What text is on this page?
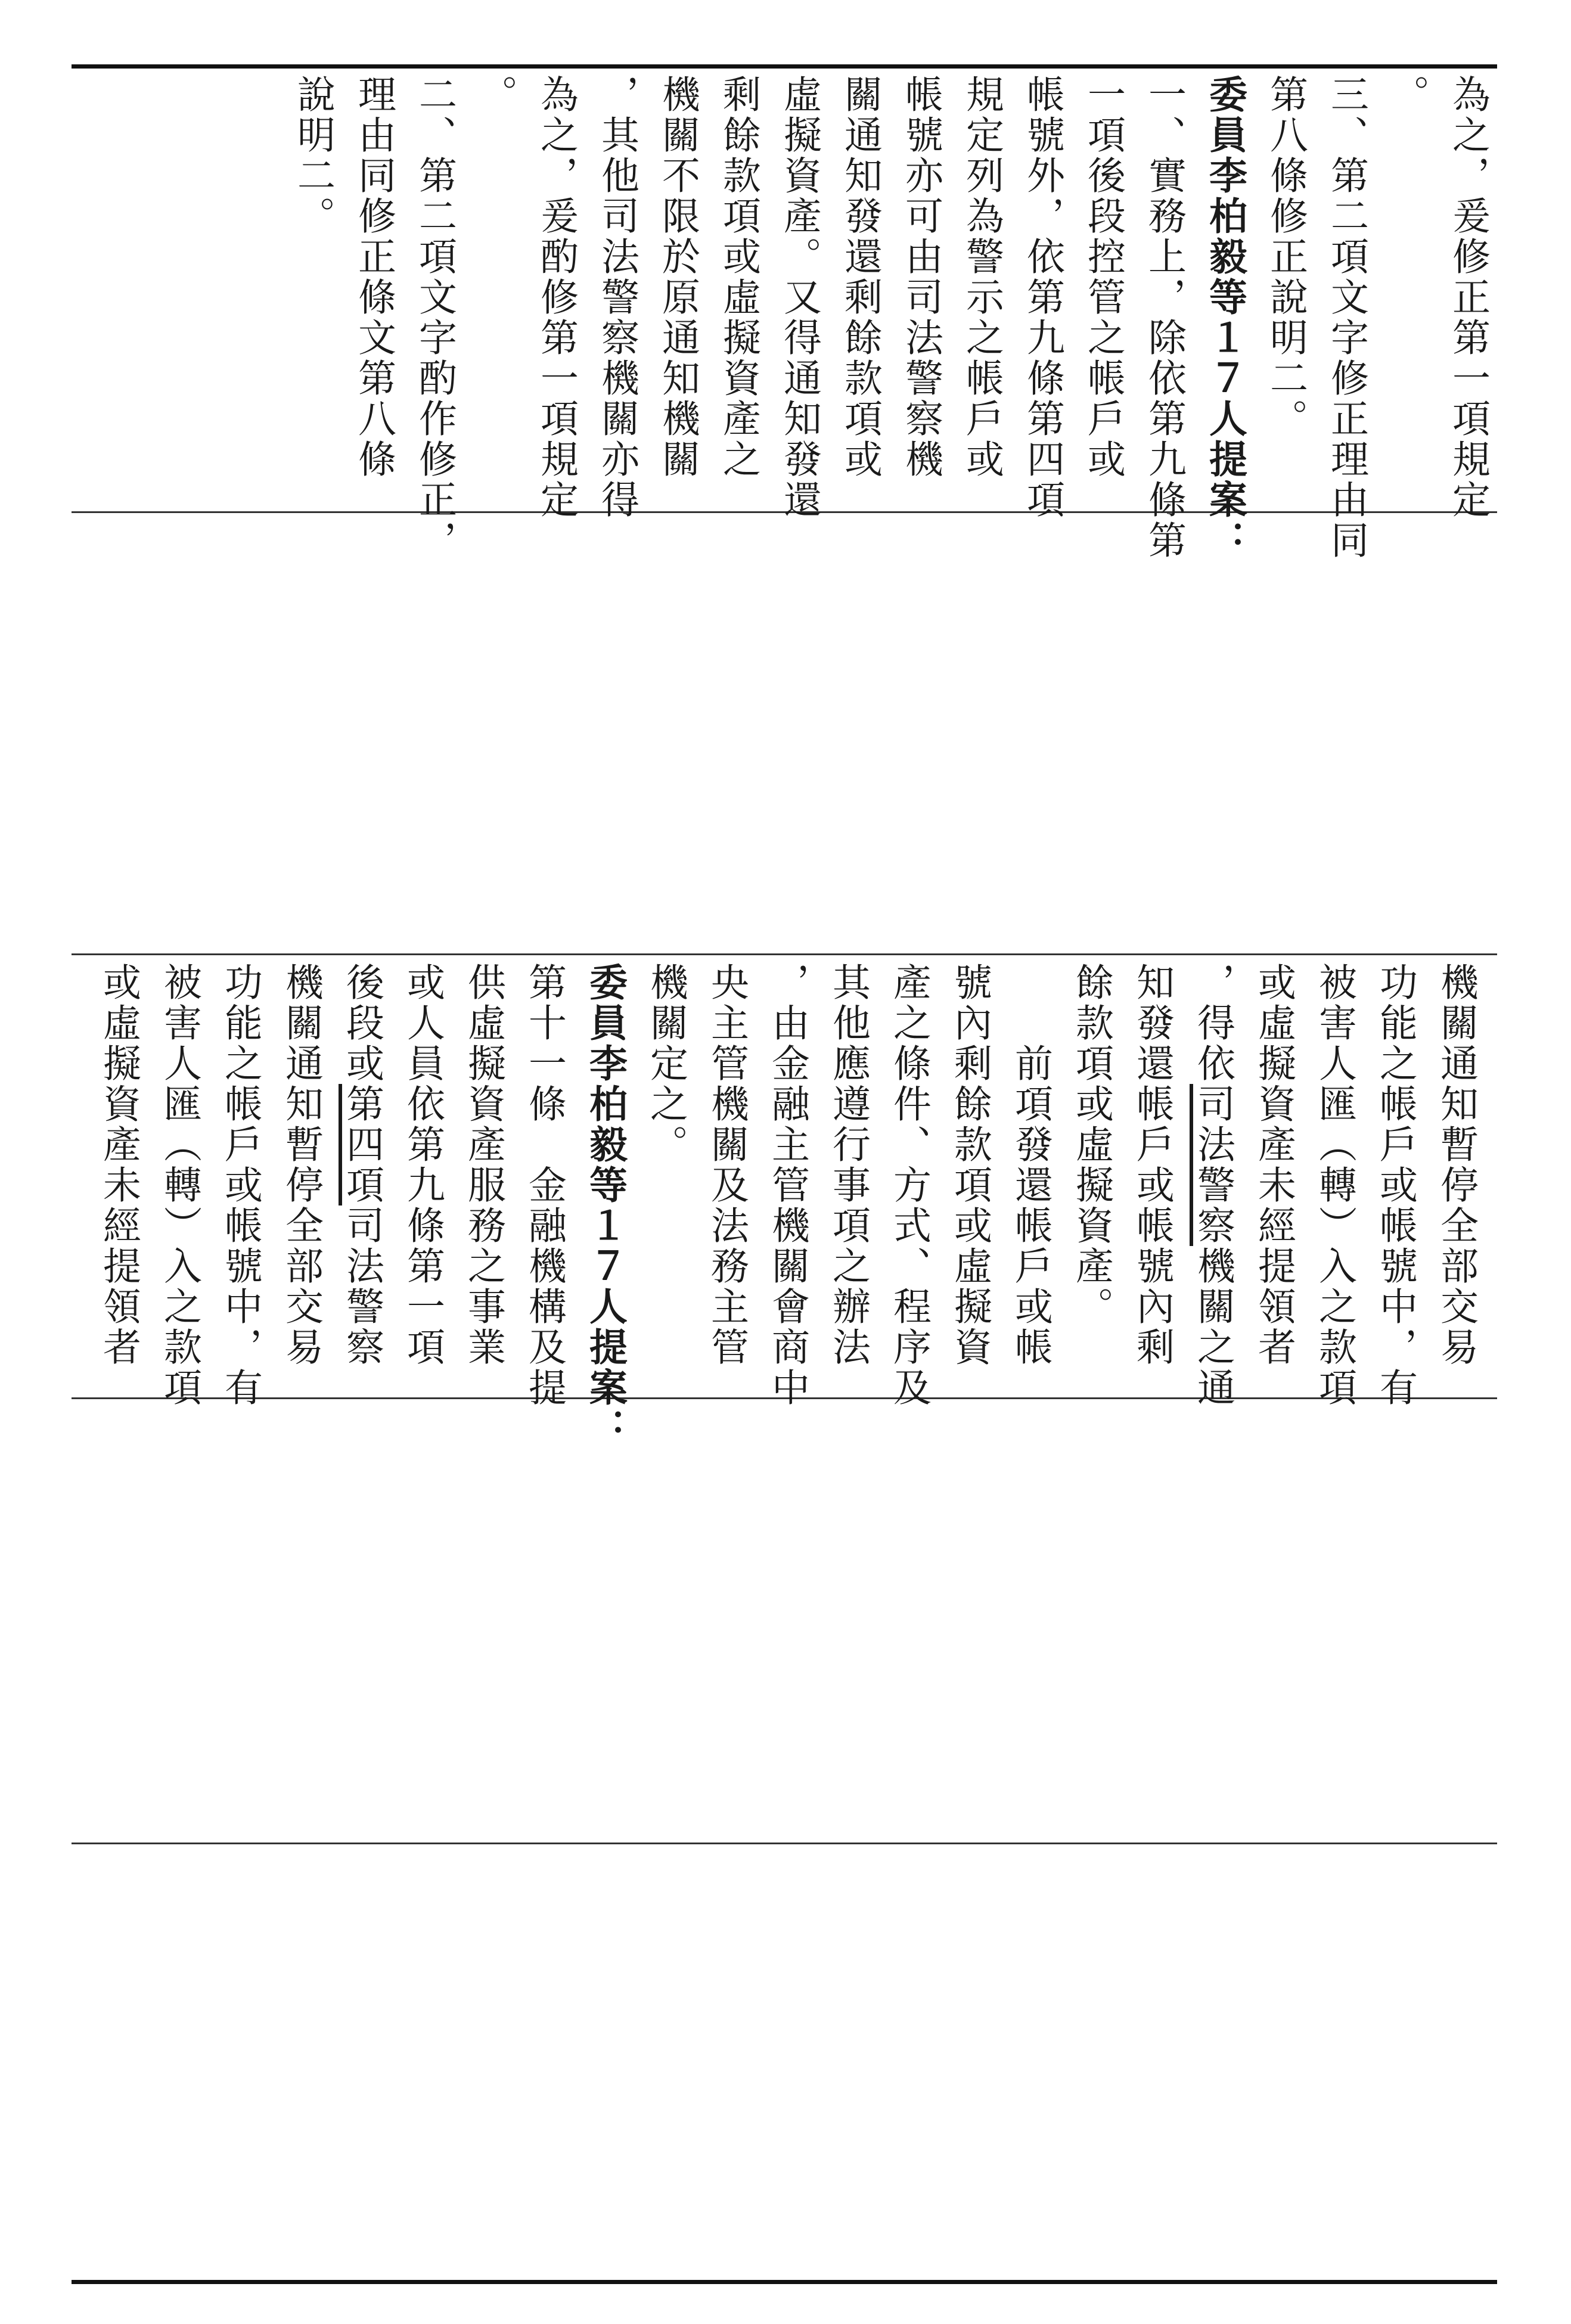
為之，爰修正第一項規定
。
三、第二項文字修正理由同
第八條修正說明二。
委員李柏毅等１７人提案：
一、實務上，除依第九條第
一項後段控管之帳戶或
帳號外，依第九條第四項
規定列為警示之帳戶或
帳號亦可由司法警察機
關通知發還剩餘款項或
虛擬資產。又得通知發還
剩餘款項或虛擬資產之
機關不限於原通知機關
，其他司法警察機關亦得
為之，爰酌修第一項規定
。
二、第二項文字酌作修正，
理由同修正條文第八條
說明二。
機關通知暫停全部交易
功能之帳戶或帳號中，有
被害人匯（轉）入之款項
或虛擬資產未經提領者
，得依司法警察機關之通
知發還帳戶或帳號內剩
餘款項或虛擬資產。
　　前項發還帳戶或帳
號內剩餘款項或虛擬資
產之條件、方式、程序及
其他應遵行事項之辦法
，由金融主管機關會商中
央主管機關及法務主管
機關定之。
委員李柏毅等１７人提案：
第十一條　金融機構及提
供虛擬資產服務之事業
或人員依第九條第一項
後段或第四項司法警察
機關通知暫停全部交易
功能之帳戶或帳號中，有
被害人匯（轉）入之款項
或虛擬資產未經提領者
